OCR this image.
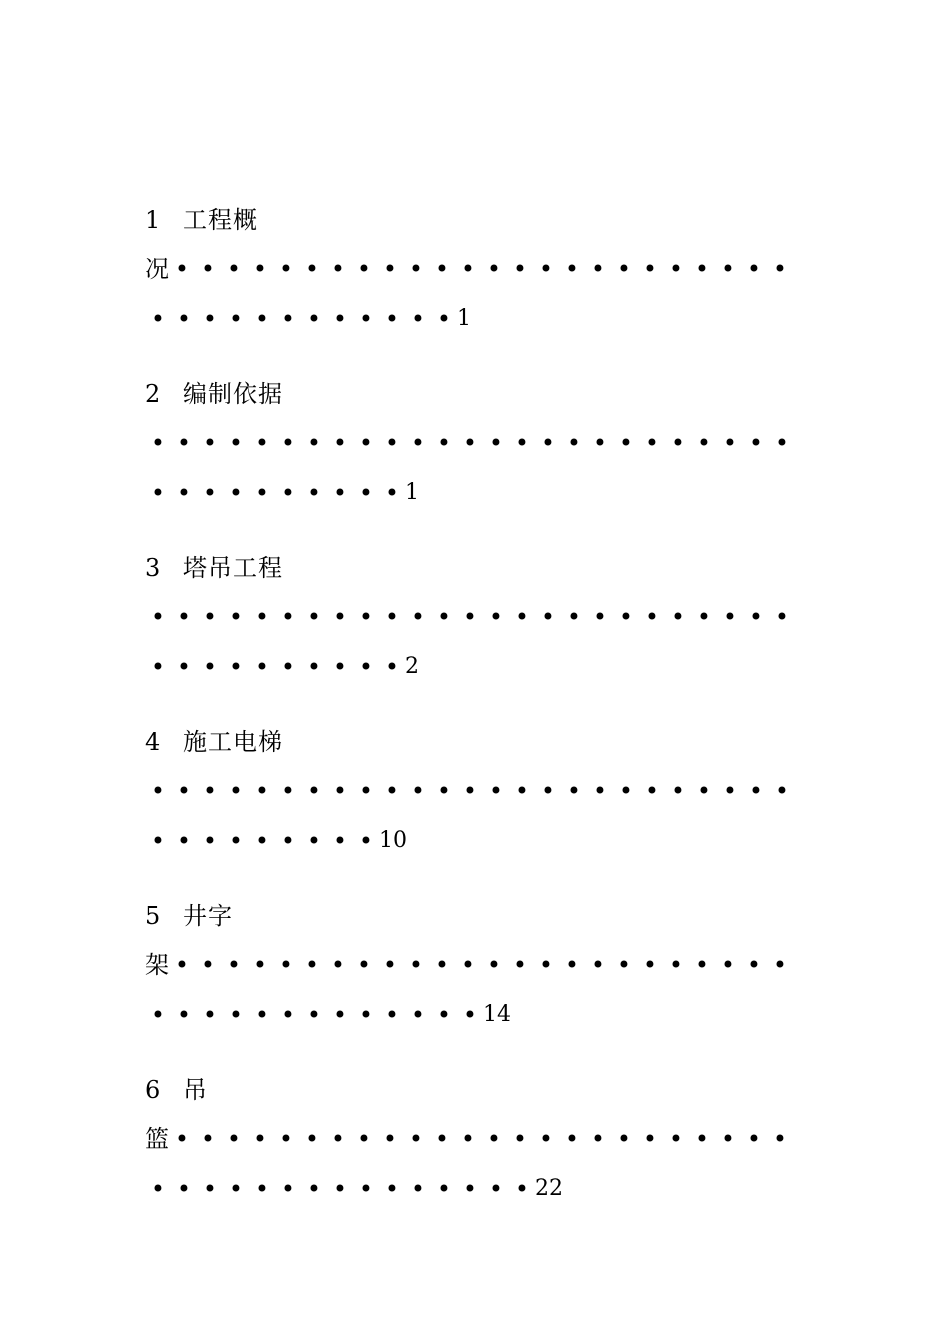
1 工程概
况 • • • • • • • • • • • • • • • • • • • • • • • •
• • • • • • • • • • • • 1
2 编制依据
• • • • • • • • • • • • • • • • • • • • • • • • •
• • • • • • • • • • 1
3 塔吊工程
• • • • • • • • • • • • • • • • • • • • • • • • •
• • • • • • • • • • 2
4 施工电梯
• • • • • • • • • • • • • • • • • • • • • • • • •
• • • • • • • • • 10
5 井字
架 • • • • • • • • • • • • • • • • • • • • • • • •
• • • • • • • • • • • • • 14
6 吊
篮 • • • • • • • • • • • • • • • • • • • • • • • •
• • • • • • • • • • • • • • • 22
